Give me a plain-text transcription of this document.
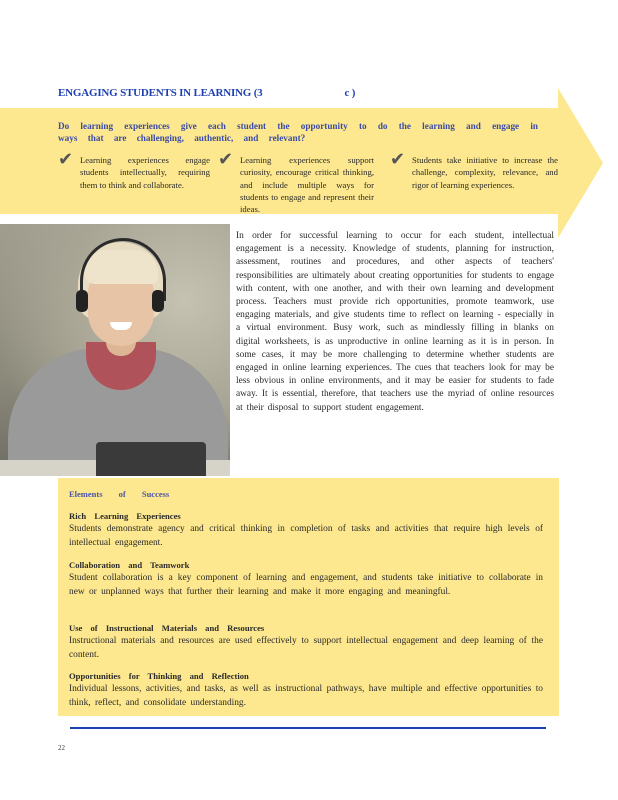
ENGAGING STUDENTS IN LEARNING (3	c )
Do learning experiences give each student the opportunity to do the learning and engage in ways that are challenging, authentic, and relevant?
✔ Learning experiences engage students intellectually, requiring them to think and collaborate.
✔ Learning experiences support curiosity, encourage critical thinking, and include multiple ways for students to engage and represent their ideas.
✔ Students take initiative to increase the challenge, complexity, relevance, and rigor of learning experiences.
In order for successful learning to occur for each student, intellectual engagement is a necessity. Knowledge of students, planning for instruction, assessment, routines and procedures, and other aspects of teachers' responsibilities are ultimately about creating opportunities for students to engage with content, with one another, and with their own learning and development process. Teachers must provide rich opportunities, promote teamwork, use engaging materials, and give students time to reflect on learning - especially in a virtual environment. Busy work, such as mindlessly filling in blanks on digital worksheets, is as unproductive in online learning as it is in person. In some cases, it may be more challenging to determine whether students are engaged in online learning experiences. The cues that teachers look for may be less obvious in online environments, and it may be easier for students to fade away. It is essential, therefore, that teachers use the myriad of online resources at their disposal to support student engagement.
Elements of Success
Rich Learning Experiences
Students demonstrate agency and critical thinking in completion of tasks and activities that require high levels of intellectual engagement.
Collaboration and Teamwork
Student collaboration is a key component of learning and engagement, and students take initiative to collaborate in new or unplanned ways that further their learning and make it more engaging and meaningful.
Use of Instructional Materials and Resources
Instructional materials and resources are used effectively to support intellectual engagement and deep learning of the content.
Opportunities for Thinking and Reflection
Individual lessons, activities, and tasks, as well as instructional pathways, have multiple and effective opportunities to think, reflect, and consolidate understanding.
22
